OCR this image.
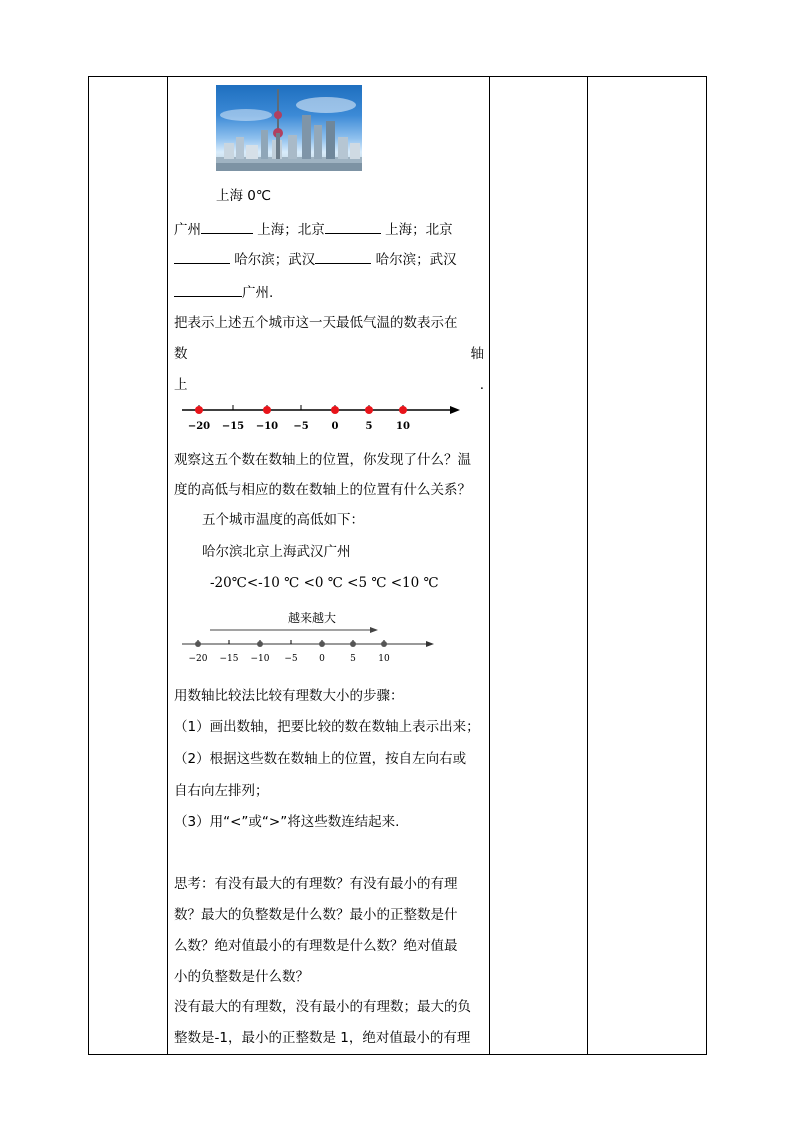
上海 0℃
广州	上海；北京	上海；北京
哈尔滨；武汉	哈尔滨；武汉
广州.
把表示上述五个城市这一天最低气温的数表示在
数	轴
上	.
观察这五个数在数轴上的位置，你发现了什么？温
度的高低与相应的数在数轴上的位置有什么关系？
五个城市温度的高低如下：
哈尔滨北京上海武汉广州
-20℃<-10 ℃ <0 ℃ <5 ℃ <10 ℃
用数轴比较法比较有理数大小的步骤：
（1）画出数轴，把要比较的数在数轴上表示出来；
（2）根据这些数在数轴上的位置，按自左向右或
自右向左排列；
（3）用“<”或“>”将这些数连结起来.
思考：有没有最大的有理数？有没有最小的有理
数？最大的负整数是什么数？最小的正整数是什
么数？绝对值最小的有理数是什么数？绝对值最
小的负整数是什么数？
没有最大的有理数，没有最小的有理数；最大的负
整数是-1，最小的正整数是 1，绝对值最小的有理
−20 −15 −10 −5 0	5 10
越来越大
−20 −15 −10 −5 0	5 10
